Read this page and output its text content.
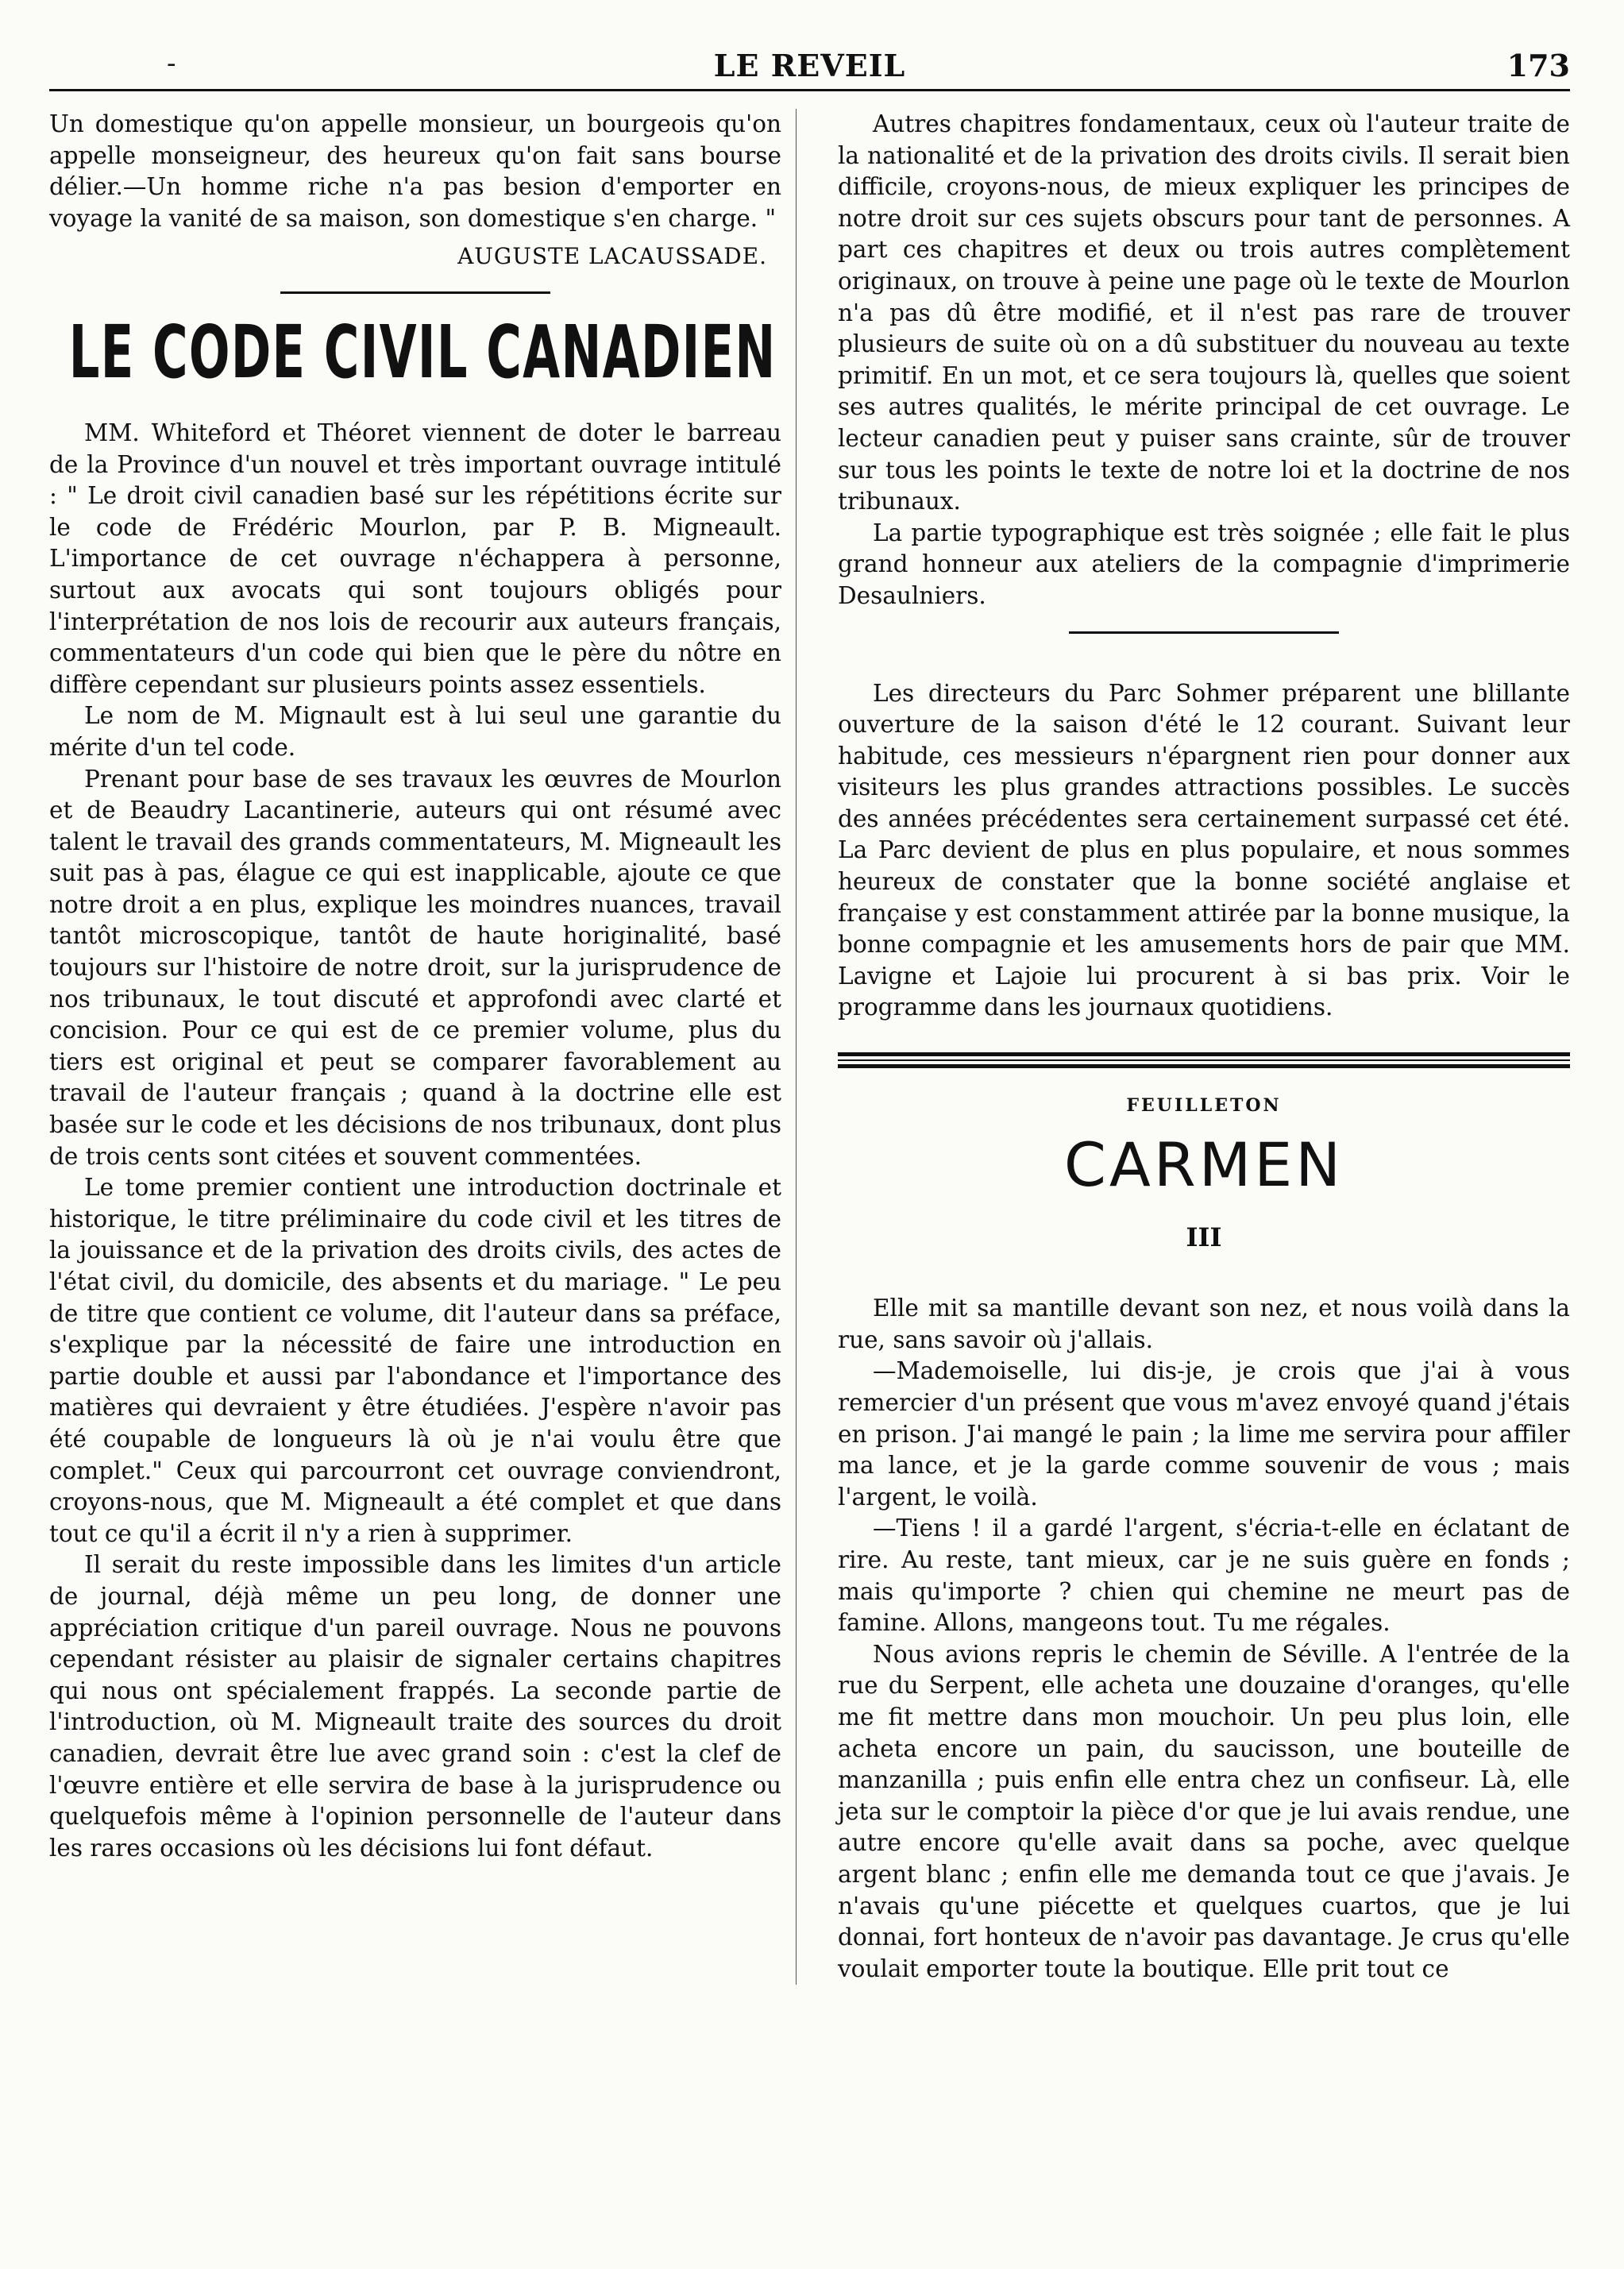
-	LE REVEIL	173

Un domestique qu'on appelle monsieur, un bourgeois qu'on appelle monseigneur, des heureux qu'on fait sans bourse délier.—Un homme riche n'a pas besion d'emporter en voyage la vanité de sa maison, son domestique s'en charge. "

AUGUSTE LACAUSSADE.
LE CODE CIVIL CANADIEN

MM. Whiteford et Théoret viennent de doter le barreau de la Province d'un nouvel et très important ouvrage intitulé : " Le droit civil canadien basé sur les répétitions écrite sur le code de Frédéric Mourlon, par P. B. Migneault. L'importance de cet ouvrage n'échappera à personne, surtout aux avocats qui sont toujours obligés pour l'interprétation de nos lois de recourir aux auteurs français, commentateurs d'un code qui bien que le père du nôtre en diffère cependant sur plusieurs points assez essentiels.

Le nom de M. Mignault est à lui seul une garantie du mérite d'un tel code.

Prenant pour base de ses travaux les œuvres de Mourlon et de Beaudry Lacantinerie, auteurs qui ont résumé avec talent le travail des grands commentateurs, M. Migneault les suit pas à pas, élague ce qui est inapplicable, ajoute ce que notre droit a en plus, explique les moindres nuances, travail tantôt microscopique, tantôt de haute horiginalité, basé toujours sur l'histoire de notre droit, sur la jurisprudence de nos tribunaux, le tout discuté et approfondi avec clarté et concision. Pour ce qui est de ce premier volume, plus du tiers est original et peut se comparer favorablement au travail de l'auteur français ; quand à la doctrine elle est basée sur le code et les décisions de nos tribunaux, dont plus de trois cents sont citées et souvent commentées.

Le tome premier contient une introduction doctrinale et historique, le titre préliminaire du code civil et les titres de la jouissance et de la privation des droits civils, des actes de l'état civil, du domicile, des absents et du mariage. " Le peu de titre que contient ce volume, dit l'auteur dans sa préface, s'explique par la nécessité de faire une introduction en partie double et aussi par l'abondance et l'importance des matières qui devraient y être étudiées. J'espère n'avoir pas été coupable de longueurs là où je n'ai voulu être que complet." Ceux qui parcourront cet ouvrage conviendront, croyons-nous, que M. Migneault a été complet et que dans tout ce qu'il a écrit il n'y a rien à supprimer.

Il serait du reste impossible dans les limites d'un article de journal, déjà même un peu long, de donner une appréciation critique d'un pareil ouvrage. Nous ne pouvons cependant résister au plaisir de signaler certains chapitres qui nous ont spécialement frappés. La seconde partie de l'introduction, où M. Migneault traite des sources du droit canadien, devrait être lue avec grand soin : c'est la clef de l'œuvre entière et elle servira de base à la jurisprudence ou quelquefois même à l'opinion personnelle de l'auteur dans les rares occasions où les décisions lui font défaut.

Autres chapitres fondamentaux, ceux où l'auteur traite de la nationalité et de la privation des droits civils. Il serait bien difficile, croyons-nous, de mieux expliquer les principes de notre droit sur ces sujets obscurs pour tant de personnes. A part ces chapitres et deux ou trois autres complètement originaux, on trouve à peine une page où le texte de Mourlon n'a pas dû être modifié, et il n'est pas rare de trouver plusieurs de suite où on a dû substituer du nouveau au texte primitif. En un mot, et ce sera toujours là, quelles que soient ses autres qualités, le mérite principal de cet ouvrage. Le lecteur canadien peut y puiser sans crainte, sûr de trouver sur tous les points le texte de notre loi et la doctrine de nos tribunaux.

La partie typographique est très soignée ; elle fait le plus grand honneur aux ateliers de la compagnie d'imprimerie Desaulniers.

Les directeurs du Parc Sohmer préparent une blillante ouverture de la saison d'été le 12 courant. Suivant leur habitude, ces messieurs n'épargnent rien pour donner aux visiteurs les plus grandes attractions possibles. Le succès des années précédentes sera certainement surpassé cet été. La Parc devient de plus en plus populaire, et nous sommes heureux de constater que la bonne société anglaise et française y est constamment attirée par la bonne musique, la bonne compagnie et les amusements hors de pair que MM. Lavigne et Lajoie lui procurent à si bas prix. Voir le programme dans les journaux quotidiens.

FEUILLETON
CARMEN
III

Elle mit sa mantille devant son nez, et nous voilà dans la rue, sans savoir où j'allais.

—Mademoiselle, lui dis-je, je crois que j'ai à vous remercier d'un présent que vous m'avez envoyé quand j'étais en prison. J'ai mangé le pain ; la lime me servira pour affiler ma lance, et je la garde comme souvenir de vous ; mais l'argent, le voilà.

—Tiens ! il a gardé l'argent, s'écria-t-elle en éclatant de rire. Au reste, tant mieux, car je ne suis guère en fonds ; mais qu'importe ? chien qui chemine ne meurt pas de famine. Allons, mangeons tout. Tu me régales.

Nous avions repris le chemin de Séville. A l'entrée de la rue du Serpent, elle acheta une douzaine d'oranges, qu'elle me fit mettre dans mon mouchoir. Un peu plus loin, elle acheta encore un pain, du saucisson, une bouteille de manzanilla ; puis enfin elle entra chez un confiseur. Là, elle jeta sur le comptoir la pièce d'or que je lui avais rendue, une autre encore qu'elle avait dans sa poche, avec quelque argent blanc ; enfin elle me demanda tout ce que j'avais. Je n'avais qu'une piécette et quelques cuartos, que je lui donnai, fort honteux de n'avoir pas davantage. Je crus qu'elle voulait emporter toute la boutique. Elle prit tout ce
